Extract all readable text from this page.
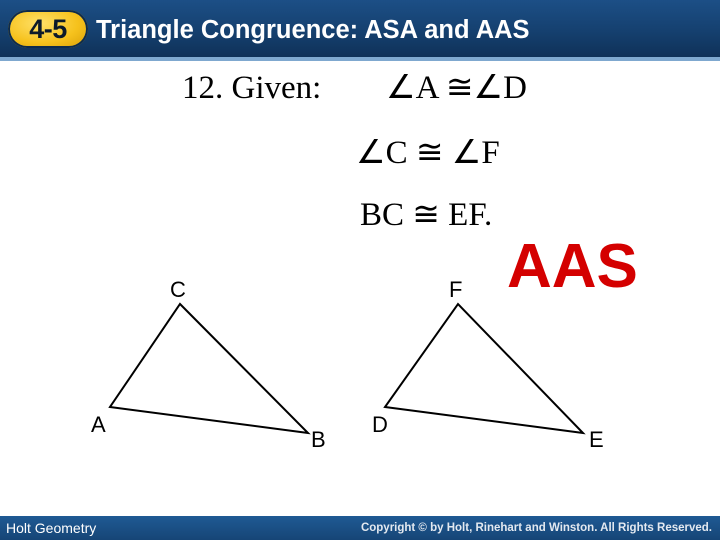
4-5	Triangle Congruence: ASA and AAS
12. Given: ∠A ≅∠D
∠C ≅ ∠F
BC ≅ EF.
AAS
C
A
B
F
D
E
Holt Geometry	Copyright © by Holt, Rinehart and Winston. All Rights Reserved.
